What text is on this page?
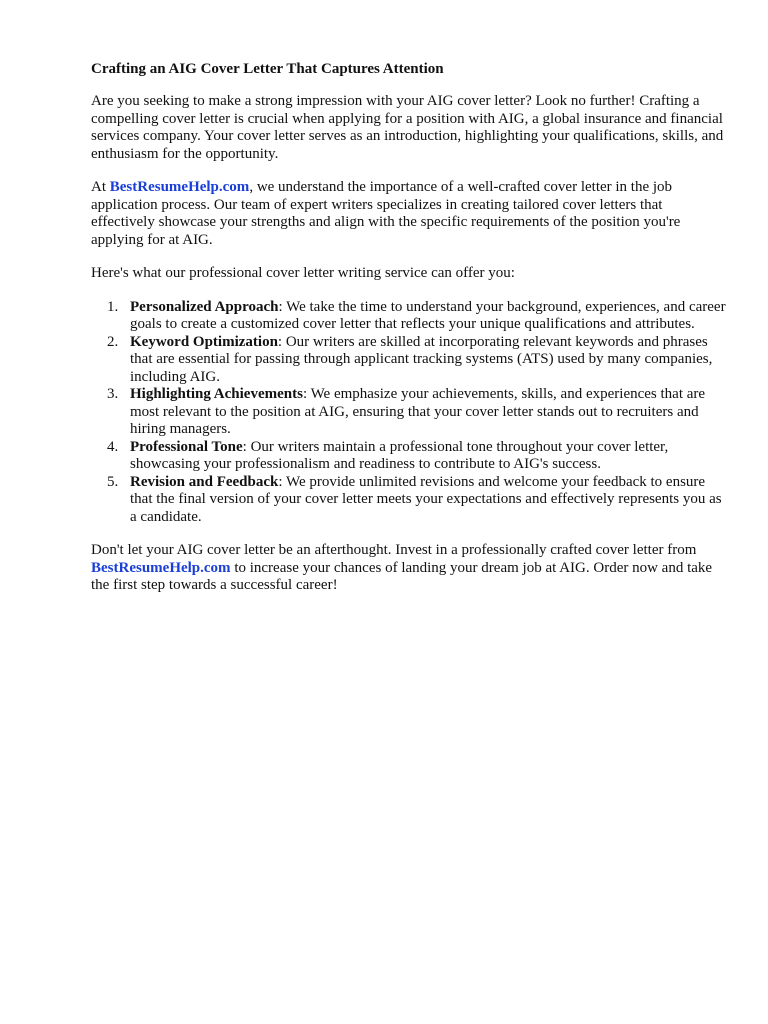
Crafting an AIG Cover Letter That Captures Attention

Are you seeking to make a strong impression with your AIG cover letter? Look no further! Crafting a compelling cover letter is crucial when applying for a position with AIG, a global insurance and financial services company. Your cover letter serves as an introduction, highlighting your qualifications, skills, and enthusiasm for the opportunity.

At BestResumeHelp.com, we understand the importance of a well-crafted cover letter in the job application process. Our team of expert writers specializes in creating tailored cover letters that effectively showcase your strengths and align with the specific requirements of the position you're applying for at AIG.

Here's what our professional cover letter writing service can offer you:

1. Personalized Approach: We take the time to understand your background, experiences, and career goals to create a customized cover letter that reflects your unique qualifications and attributes.
2. Keyword Optimization: Our writers are skilled at incorporating relevant keywords and phrases that are essential for passing through applicant tracking systems (ATS) used by many companies, including AIG.
3. Highlighting Achievements: We emphasize your achievements, skills, and experiences that are most relevant to the position at AIG, ensuring that your cover letter stands out to recruiters and hiring managers.
4. Professional Tone: Our writers maintain a professional tone throughout your cover letter, showcasing your professionalism and readiness to contribute to AIG's success.
5. Revision and Feedback: We provide unlimited revisions and welcome your feedback to ensure that the final version of your cover letter meets your expectations and effectively represents you as a candidate.

Don't let your AIG cover letter be an afterthought. Invest in a professionally crafted cover letter from BestResumeHelp.com to increase your chances of landing your dream job at AIG. Order now and take the first step towards a successful career!
